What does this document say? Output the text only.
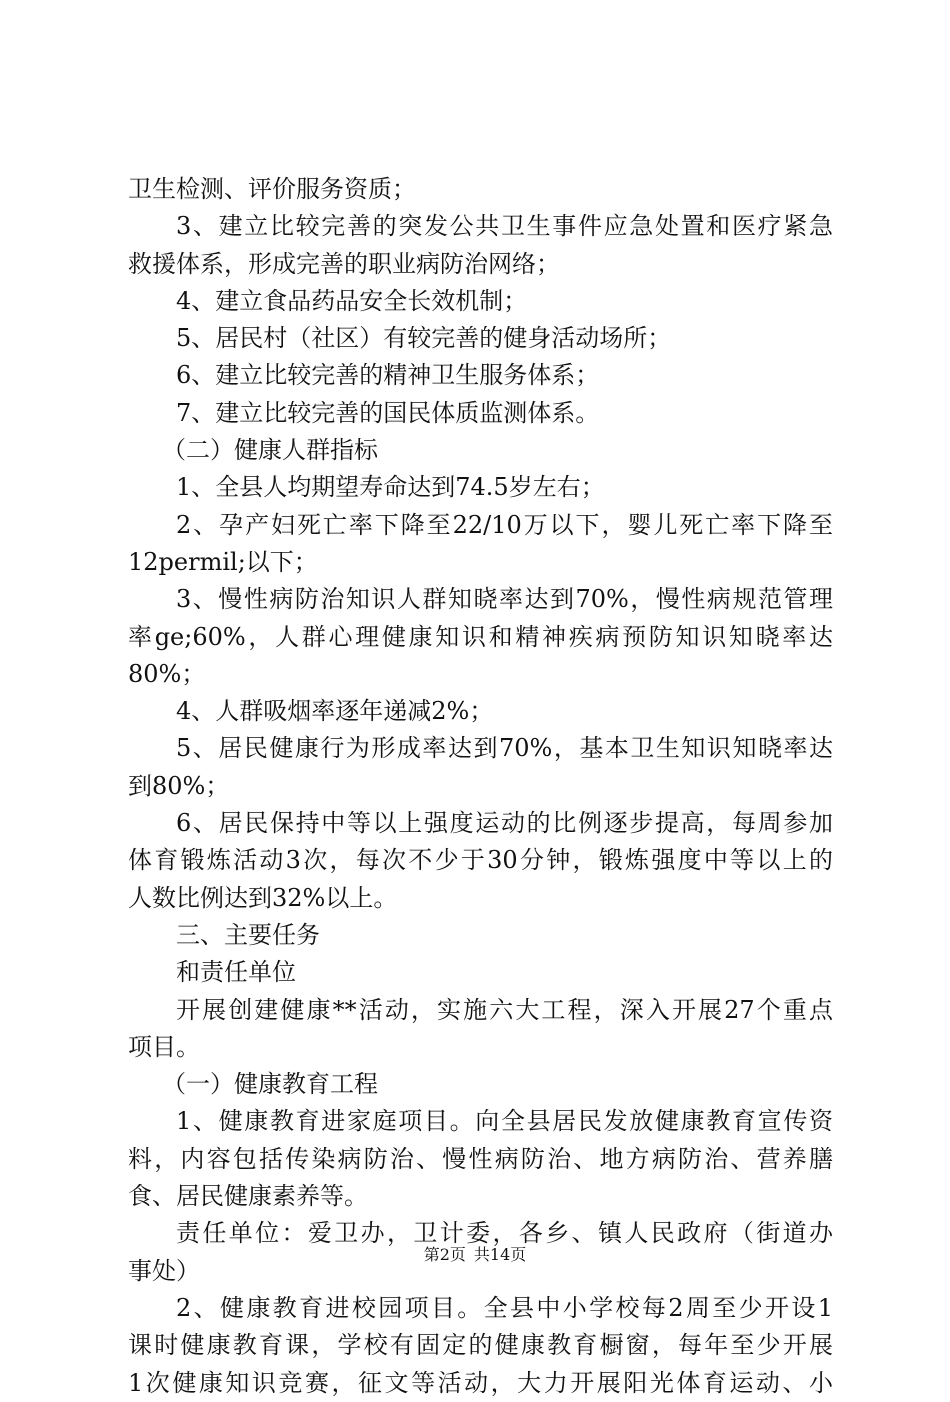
卫生检测、评价服务资质；
3、建立比较完善的突发公共卫生事件应急处置和医疗紧急
救援体系，形成完善的职业病防治网络；
4、建立食品药品安全长效机制；
5、居民村（社区）有较完善的健身活动场所；
6、建立比较完善的精神卫生服务体系；
7、建立比较完善的国民体质监测体系。
（二）健康人群指标
1、全县人均期望寿命达到74.5岁左右；
2、孕产妇死亡率下降至22/10万以下，婴儿死亡率下降至
12permil;以下；
3、慢性病防治知识人群知晓率达到70%，慢性病规范管理
率ge;60%，人群心理健康知识和精神疾病预防知识知晓率达
80%；
4、人群吸烟率逐年递减2%；
5、居民健康行为形成率达到70%，基本卫生知识知晓率达
到80%；
6、居民保持中等以上强度运动的比例逐步提高，每周参加
体育锻炼活动3次，每次不少于30分钟，锻炼强度中等以上的
人数比例达到32%以上。
三、主要任务
和责任单位
开展创建健康**活动，实施六大工程，深入开展27个重点
项目。
（一）健康教育工程
1、健康教育进家庭项目。向全县居民发放健康教育宣传资
料，内容包括传染病防治、慢性病防治、地方病防治、营养膳
食、居民健康素养等。
责任单位：爱卫办，卫计委，各乡、镇人民政府（街道办
事处）
2、健康教育进校园项目。全县中小学校每2周至少开设1
课时健康教育课，学校有固定的健康教育橱窗，每年至少开展
1次健康知识竞赛，征文等活动，大力开展阳光体育运动、小
第2页 共14页
